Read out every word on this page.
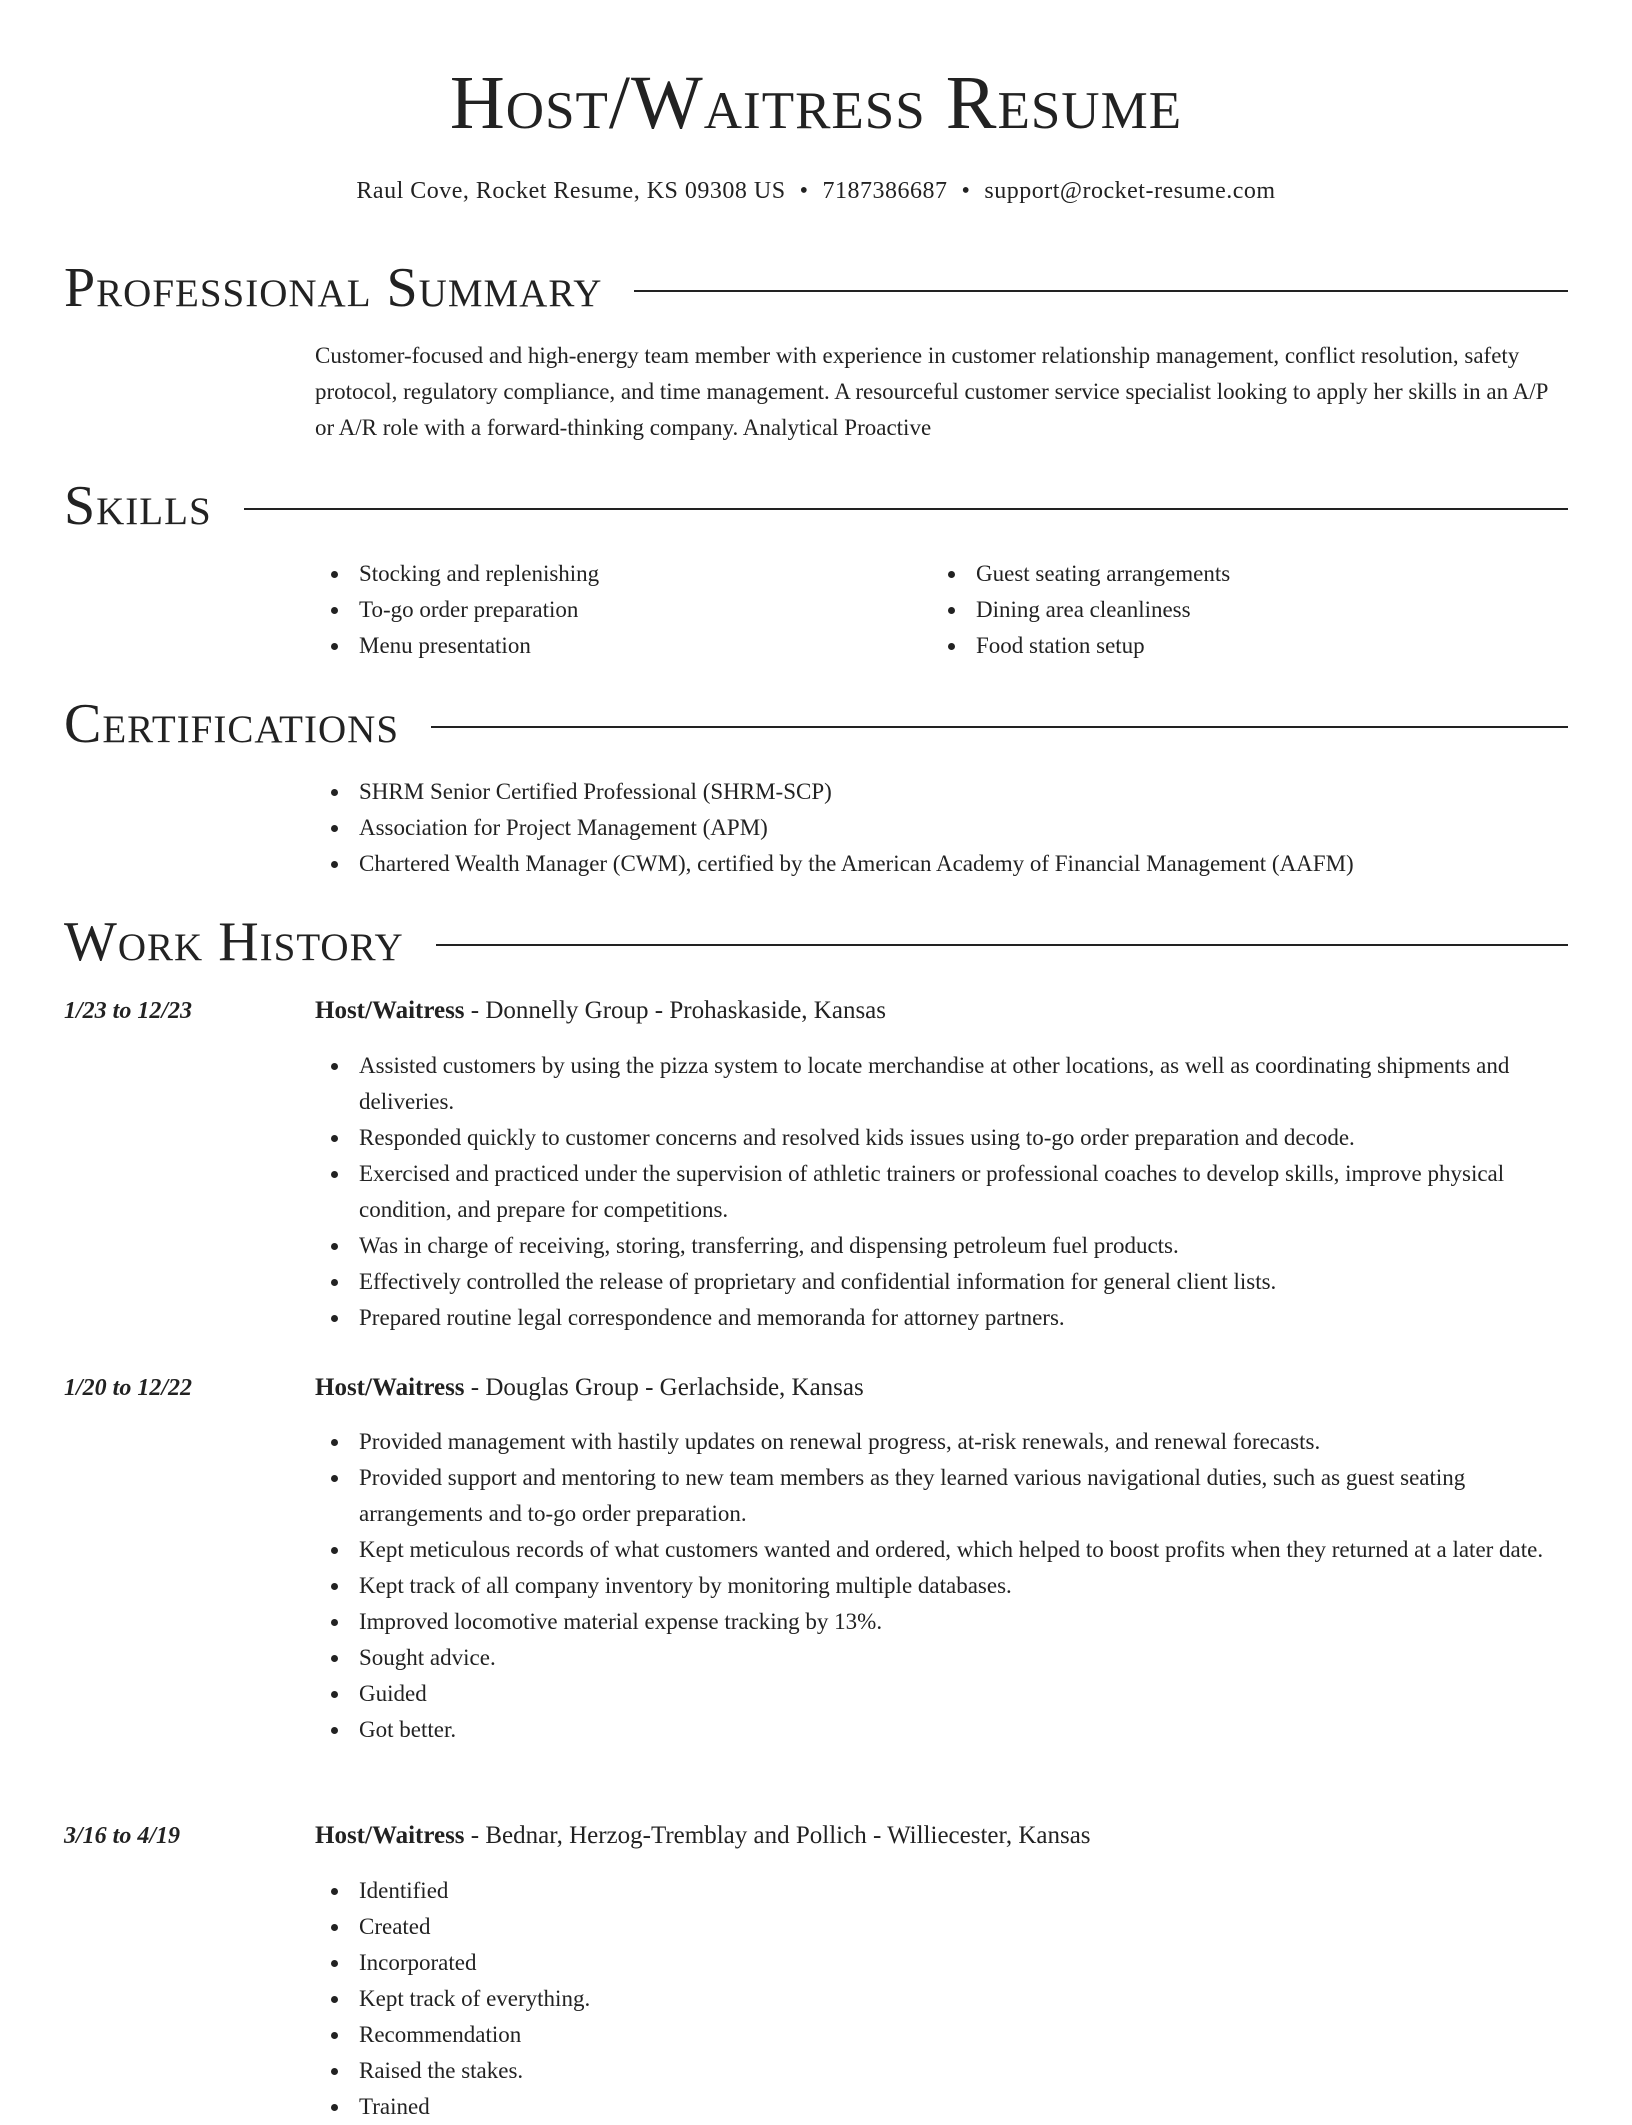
Host/Waitress Resume
Raul Cove, Rocket Resume, KS 09308 US • 7187386687 • support@rocket-resume.com
Professional Summary
Customer-focused and high-energy team member with experience in customer relationship management, conflict resolution, safety protocol, regulatory compliance, and time management. A resourceful customer service specialist looking to apply her skills in an A/P or A/R role with a forward-thinking company. Analytical Proactive
Skills
Stocking and replenishing
To-go order preparation
Menu presentation
Guest seating arrangements
Dining area cleanliness
Food station setup
Certifications
SHRM Senior Certified Professional (SHRM-SCP)
Association for Project Management (APM)
Chartered Wealth Manager (CWM), certified by the American Academy of Financial Management (AAFM)
Work History
1/23 to 12/23	Host/Waitress - Donnelly Group - Prohaskaside, Kansas
Assisted customers by using the pizza system to locate merchandise at other locations, as well as coordinating shipments and deliveries.
Responded quickly to customer concerns and resolved kids issues using to-go order preparation and decode.
Exercised and practiced under the supervision of athletic trainers or professional coaches to develop skills, improve physical condition, and prepare for competitions.
Was in charge of receiving, storing, transferring, and dispensing petroleum fuel products.
Effectively controlled the release of proprietary and confidential information for general client lists.
Prepared routine legal correspondence and memoranda for attorney partners.
1/20 to 12/22	Host/Waitress - Douglas Group - Gerlachside, Kansas
Provided management with hastily updates on renewal progress, at-risk renewals, and renewal forecasts.
Provided support and mentoring to new team members as they learned various navigational duties, such as guest seating arrangements and to-go order preparation.
Kept meticulous records of what customers wanted and ordered, which helped to boost profits when they returned at a later date.
Kept track of all company inventory by monitoring multiple databases.
Improved locomotive material expense tracking by 13%.
Sought advice.
Guided
Got better.
3/16 to 4/19	Host/Waitress - Bednar, Herzog-Tremblay and Pollich - Williecester, Kansas
Identified
Created
Incorporated
Kept track of everything.
Recommendation
Raised the stakes.
Trained
